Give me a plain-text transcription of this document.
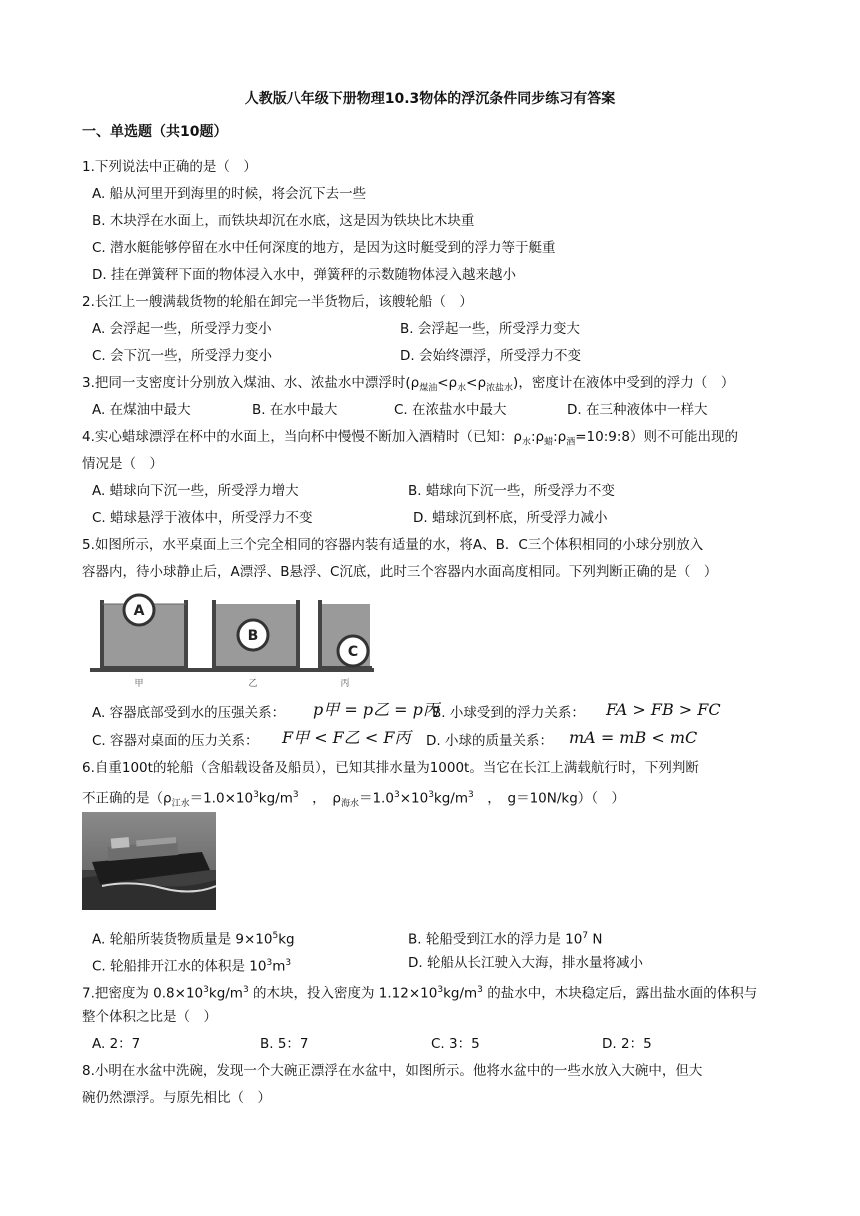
人教版八年级下册物理10.3物体的浮沉条件同步练习有答案
一、单选题（共10题）
1.下列说法中正确的是（　）
A. 船从河里开到海里的时候，将会沉下去一些
B. 木块浮在水面上，而铁块却沉在水底，这是因为铁块比木块重
C. 潜水艇能够停留在水中任何深度的地方，是因为这时艇受到的浮力等于艇重
D. 挂在弹簧秤下面的物体浸入水中，弹簧秤的示数随物体浸入越来越小
2.长江上一艘满载货物的轮船在卸完一半货物后，该艘轮船（　）
A. 会浮起一些，所受浮力变小	B. 会浮起一些，所受浮力变大
C. 会下沉一些，所受浮力变小	D. 会始终漂浮，所受浮力不变
3.把同一支密度计分别放入煤油、水、浓盐水中漂浮时$(\rho_{煤油}<\rho_水<\rho_{浓盐水})$，密度计在液体中受到的浮力（　）
A. 在煤油中最大	B. 在水中最大	C. 在浓盐水中最大	D. 在三种液体中一样大
4.实心蜡球漂浮在杯中的水面上，当向杯中慢慢不断加入酒精时（已知：$\rho_水:\rho_蜡:\rho_酒=10:9:8$）则不可能出现的
情况是（　）
A. 蜡球向下沉一些，所受浮力增大	B. 蜡球向下沉一些，所受浮力不变
C. 蜡球悬浮于液体中，所受浮力不变	D. 蜡球沉到杯底，所受浮力减小
5.如图所示，水平桌面上三个完全相同的容器内装有适量的水，将A、B．C三个体积相同的小球分别放入
容器内，待小球静止后，A漂浮、B悬浮、C沉底，此时三个容器内水面高度相同。下列判断正确的是（　）
A
B
C
甲	乙	丙
A. 容器底部受到水的压强关系： p甲 = p乙 = p丙
B. 小球受到的浮力关系： FA > FB > FC
C. 容器对桌面的压力关系： F甲 < F乙 < F丙 D. 小球的质量关系： mA = mB < mC
6.自重100t的轮船（含船载设备及船员），已知其排水量为1000t。当它在长江上满载航行时，下列判断
不正确的是（$\rho_{江水}=1.0\times 10^3kg/m^3$　，　$\rho_{海水}=1.0^3\times 10^3kg/m^3$　，　g＝10N/kg）（　）
A. 轮船所装货物质量是 $9\times 10^5kg$	B. 轮船受到江水的浮力是 $10^7$ N
C. 轮船排开江水的体积是 $10^3m^3$	D. 轮船从长江驶入大海，排水量将减小
7.把密度为 $0.8\times 10^3kg/m^3$ 的木块，投入密度为 $1.12\times 10^3kg/m^3$ 的盐水中，木块稳定后，露出盐水面的体积与
整个体积之比是（　）
A. 2：7	B. 5：7	C. 3：5	D. 2：5
8.小明在水盆中洗碗，发现一个大碗正漂浮在水盆中，如图所示。他将水盆中的一些水放入大碗中，但大
碗仍然漂浮。与原先相比（　）
